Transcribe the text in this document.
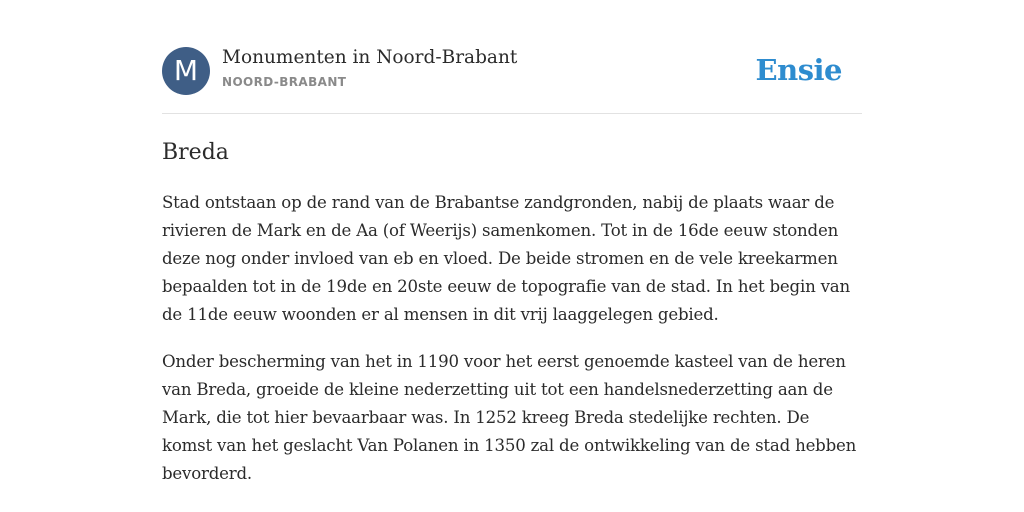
M	Monumenten in Noord-Brabant
NOORD-BRABANT	Ensie
Breda

Stad ontstaan op de rand van de Brabantse zandgronden, nabij de plaats waar de rivieren de Mark en de Aa (of Weerijs) samenkomen. Tot in de 16de eeuw stonden deze nog onder invloed van eb en vloed. De beide stromen en de vele kreekarmen bepaalden tot in de 19de en 20ste eeuw de topografie van de stad. In het begin van de 11de eeuw woonden er al mensen in dit vrij laaggelegen gebied.

Onder bescherming van het in 1190 voor het eerst genoemde kasteel van de heren van Breda, groeide de kleine nederzetting uit tot een handelsnederzetting aan de Mark, die tot hier bevaarbaar was. In 1252 kreeg Breda stedelijke rechten. De komst van het geslacht Van Polanen in 1350 zal de ontwikkeling van de stad hebben bevorderd.
